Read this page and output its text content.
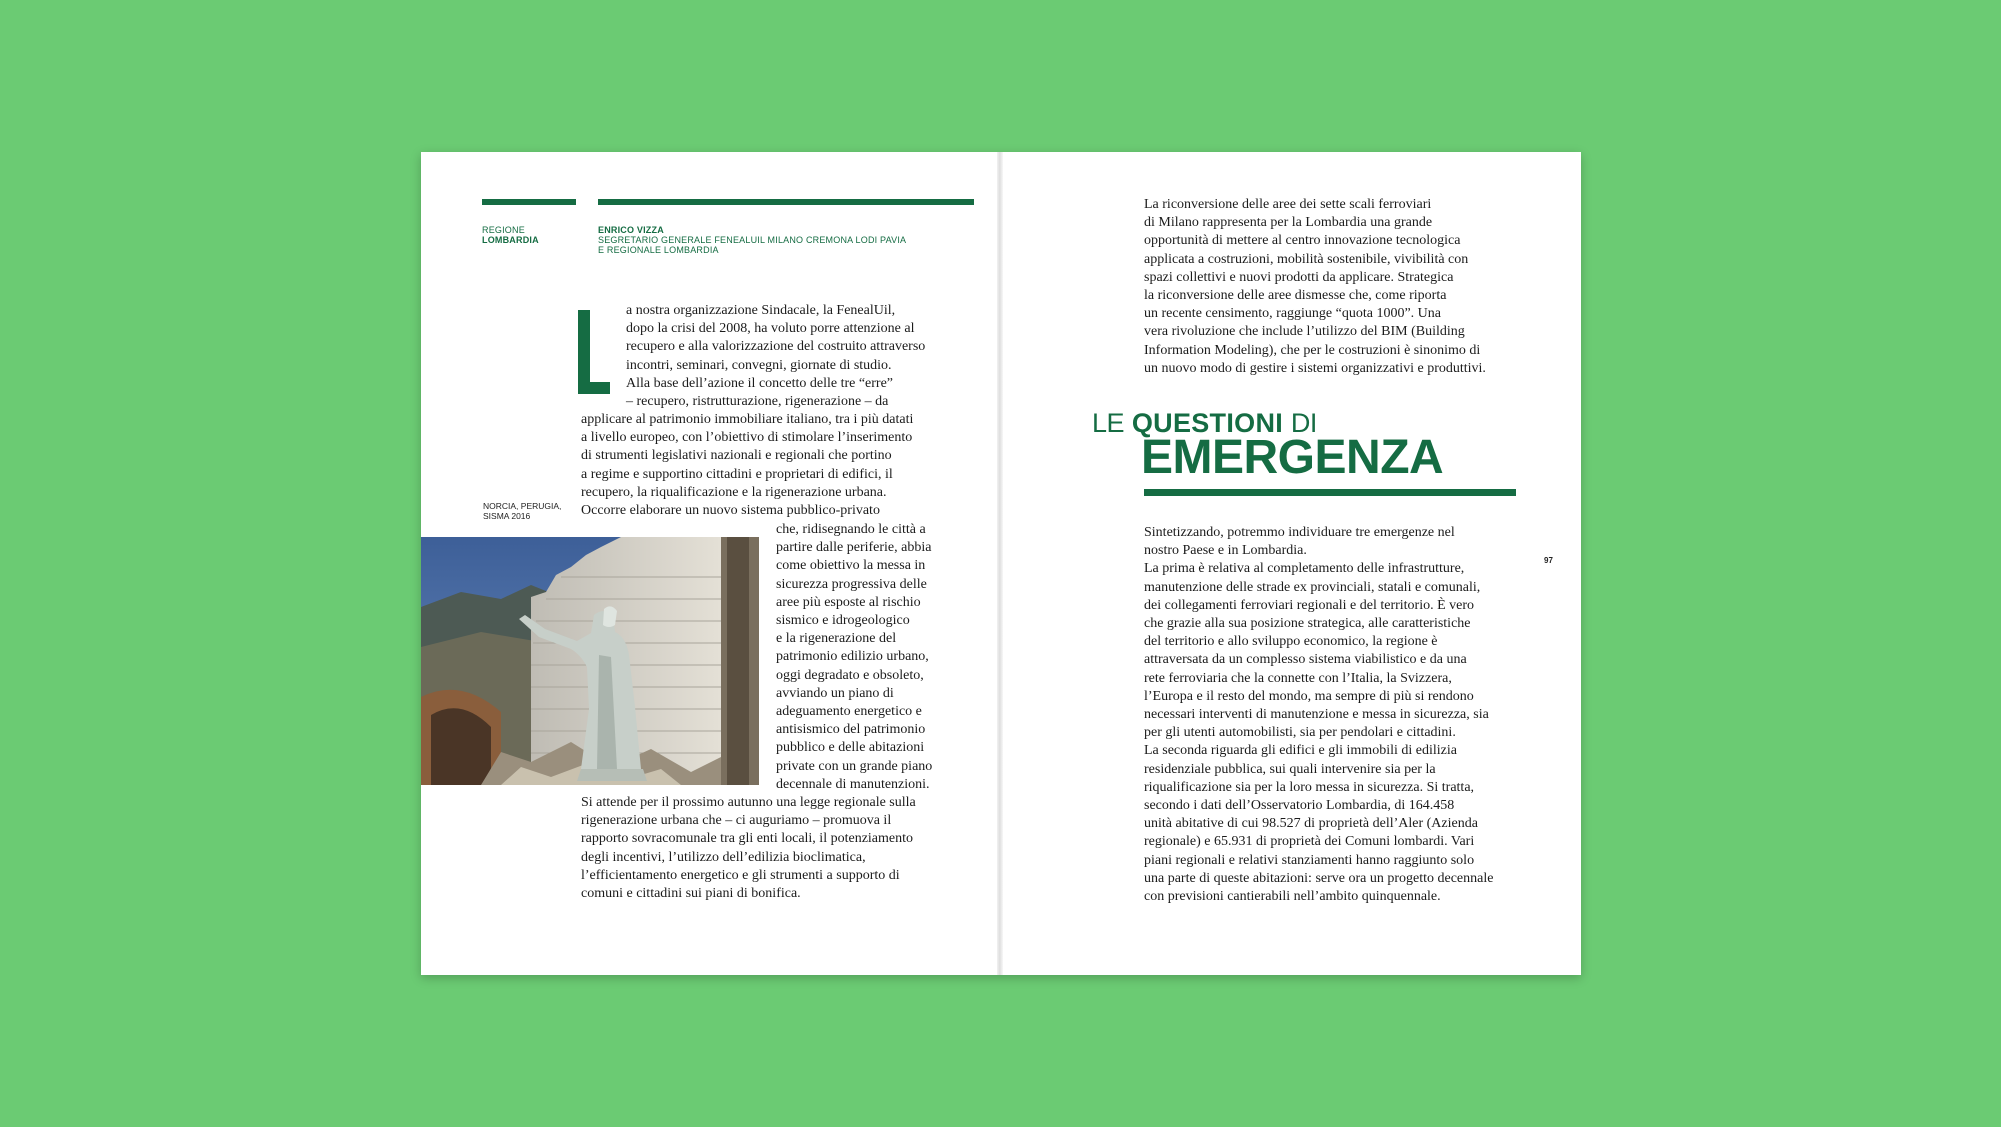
REGIONE
LOMBARDIA
ENRICO VIZZA
SEGRETARIO GENERALE FENEALUIL MILANO CREMONA LODI PAVIA
E REGIONALE LOMBARDIA
a nostra organizzazione Sindacale, la FenealUil,
dopo la crisi del 2008, ha voluto porre attenzione al
recupero e alla valorizzazione del costruito attraverso
incontri, seminari, convegni, giornate di studio.
Alla base dell’azione il concetto delle tre “erre”
– recupero, ristrutturazione, rigenerazione – da
applicare al patrimonio immobiliare italiano, tra i più datati
a livello europeo, con l’obiettivo di stimolare l’inserimento
di strumenti legislativi nazionali e regionali che portino
a regime e supportino cittadini e proprietari di edifici, il
recupero, la riqualificazione e la rigenerazione urbana.
Occorre elaborare un nuovo sistema pubblico-privato
NORCIA, PERUGIA,
SISMA 2016
che, ridisegnando le città a
partire dalle periferie, abbia
come obiettivo la messa in
sicurezza progressiva delle
aree più esposte al rischio
sismico e idrogeologico
e la rigenerazione del
patrimonio edilizio urbano,
oggi degradato e obsoleto,
avviando un piano di
adeguamento energetico e
antisismico del patrimonio
pubblico e delle abitazioni
private con un grande piano
decennale di manutenzioni.
Si attende per il prossimo autunno una legge regionale sulla
rigenerazione urbana che – ci auguriamo – promuova il
rapporto sovracomunale tra gli enti locali, il potenziamento
degli incentivi, l’utilizzo dell’edilizia bioclimatica,
l’efficientamento energetico e gli strumenti a supporto di
comuni e cittadini sui piani di bonifica.
La riconversione delle aree dei sette scali ferroviari
di Milano rappresenta per la Lombardia una grande
opportunità di mettere al centro innovazione tecnologica
applicata a costruzioni, mobilità sostenibile, vivibilità con
spazi collettivi e nuovi prodotti da applicare. Strategica
la riconversione delle aree dismesse che, come riporta
un recente censimento, raggiunge “quota 1000”. Una
vera rivoluzione che include l’utilizzo del BIM (Building
Information Modeling), che per le costruzioni è sinonimo di
un nuovo modo di gestire i sistemi organizzativi e produttivi.
LE QUESTIONI DI
EMERGENZA
Sintetizzando, potremmo individuare tre emergenze nel
nostro Paese e in Lombardia.
La prima è relativa al completamento delle infrastrutture,
manutenzione delle strade ex provinciali, statali e comunali,
dei collegamenti ferroviari regionali e del territorio. È vero
che grazie alla sua posizione strategica, alle caratteristiche
del territorio e allo sviluppo economico, la regione è
attraversata da un complesso sistema viabilistico e da una
rete ferroviaria che la connette con l’Italia, la Svizzera,
l’Europa e il resto del mondo, ma sempre di più si rendono
necessari interventi di manutenzione e messa in sicurezza, sia
per gli utenti automobilisti, sia per pendolari e cittadini.
La seconda riguarda gli edifici e gli immobili di edilizia
residenziale pubblica, sui quali intervenire sia per la
riqualificazione sia per la loro messa in sicurezza. Si tratta,
secondo i dati dell’Osservatorio Lombardia, di 164.458
unità abitative di cui 98.527 di proprietà dell’Aler (Azienda
regionale) e 65.931 di proprietà dei Comuni lombardi. Vari
piani regionali e relativi stanziamenti hanno raggiunto solo
una parte di queste abitazioni: serve ora un progetto decennale
con previsioni cantierabili nell’ambito quinquennale.
97
